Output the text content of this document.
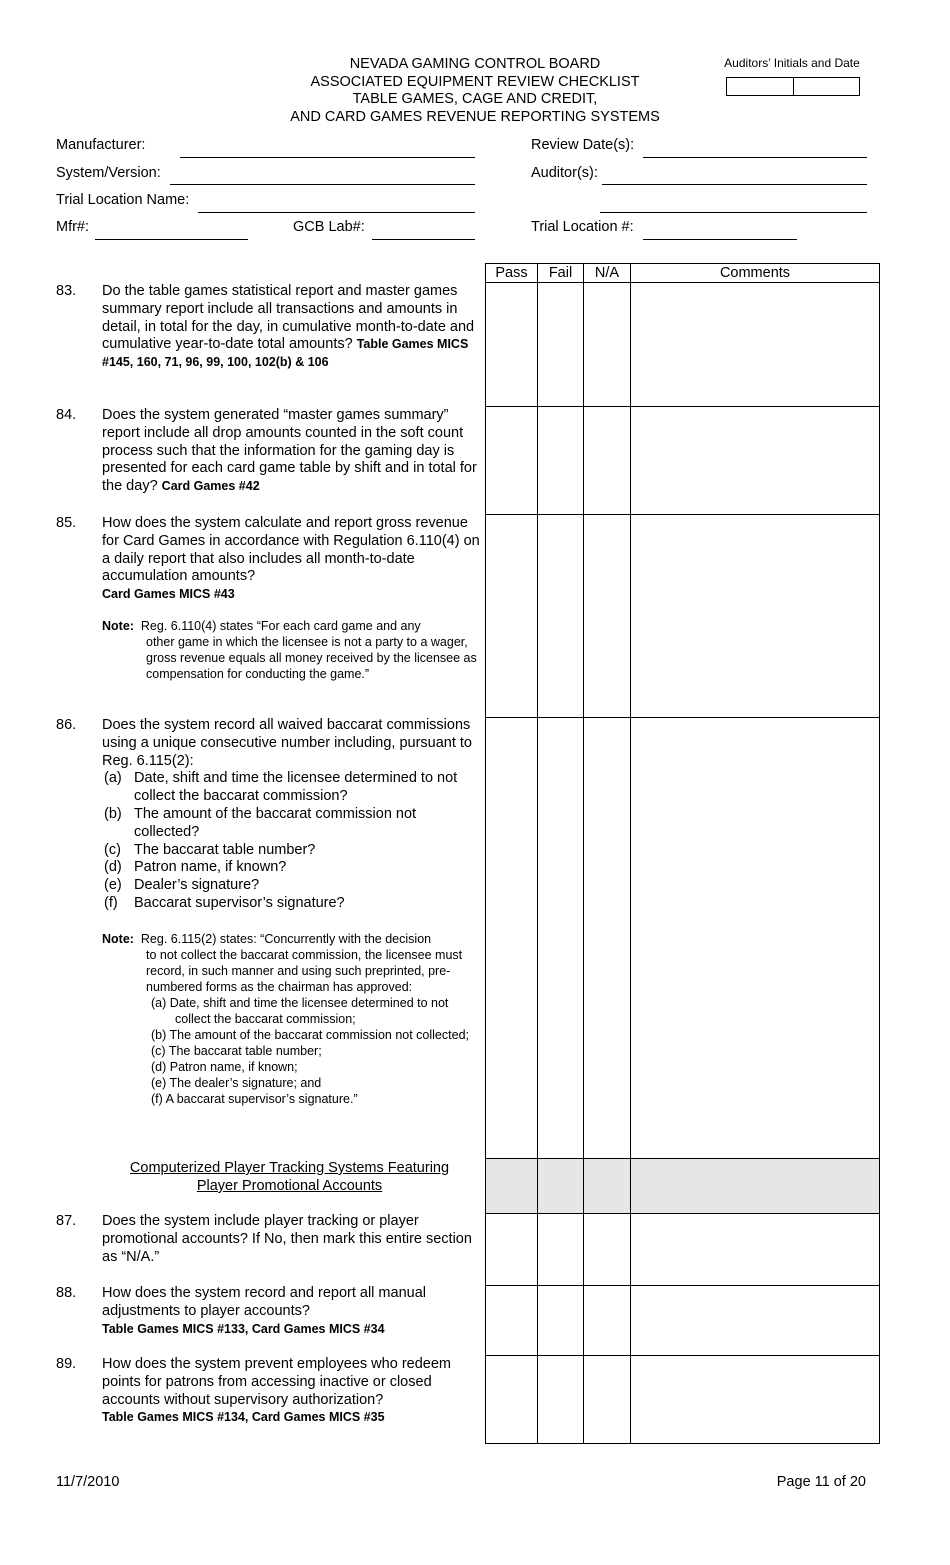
NEVADA GAMING CONTROL BOARD
ASSOCIATED EQUIPMENT REVIEW CHECKLIST
TABLE GAMES, CAGE AND CREDIT,
AND CARD GAMES REVENUE REPORTING SYSTEMS
Auditors’ Initials and Date
Manufacturer:
System/Version:
Trial Location Name:
Mfr#:	GCB Lab#:
Review Date(s):
Auditor(s):
Trial Location #:
Pass	Fail	N/A	Comments
83. Do the table games statistical report and master games summary report include all transactions and amounts in detail, in total for the day, in cumulative month-to-date and cumulative year-to-date total amounts? Table Games MICS #145, 160, 71, 96, 99, 100, 102(b) & 106
84. Does the system generated “master games summary” report include all drop amounts counted in the soft count process such that the information for the gaming day is presented for each card game table by shift and in total for the day? Card Games #42
85. How does the system calculate and report gross revenue for Card Games in accordance with Regulation 6.110(4) on a daily report that also includes all month-to-date accumulation amounts?
Card Games MICS #43
Note: Reg. 6.110(4) states “For each card game and any
other game in which the licensee is not a party to a wager, gross revenue equals all money received by the licensee as compensation for conducting the game.”
86. Does the system record all waived baccarat commissions using a unique consecutive number including, pursuant to Reg. 6.115(2):
(a) Date, shift and time the licensee determined to not collect the baccarat commission?
(b) The amount of the baccarat commission not collected?
(c) The baccarat table number?
(d) Patron name, if known?
(e) Dealer’s signature?
(f)	Baccarat supervisor’s signature?
Note: Reg. 6.115(2) states: “Concurrently with the decision
to not collect the baccarat commission, the licensee must record, in such manner and using such preprinted, pre-numbered forms as the chairman has approved:
(a) Date, shift and time the licensee determined to not collect the baccarat commission;
(b) The amount of the baccarat commission not collected;
(c) The baccarat table number;
(d) Patron name, if known;
(e) The dealer’s signature; and
(f) A baccarat supervisor’s signature.”
Computerized Player Tracking Systems Featuring
Player Promotional Accounts
87. Does the system include player tracking or player promotional accounts? If No, then mark this entire section as “N/A.”
88. How does the system record and report all manual adjustments to player accounts?
Table Games MICS #133, Card Games MICS #34
89. How does the system prevent employees who redeem points for patrons from accessing inactive or closed accounts without supervisory authorization?
Table Games MICS #134, Card Games MICS #35
11/7/2010	Page 11 of 20
